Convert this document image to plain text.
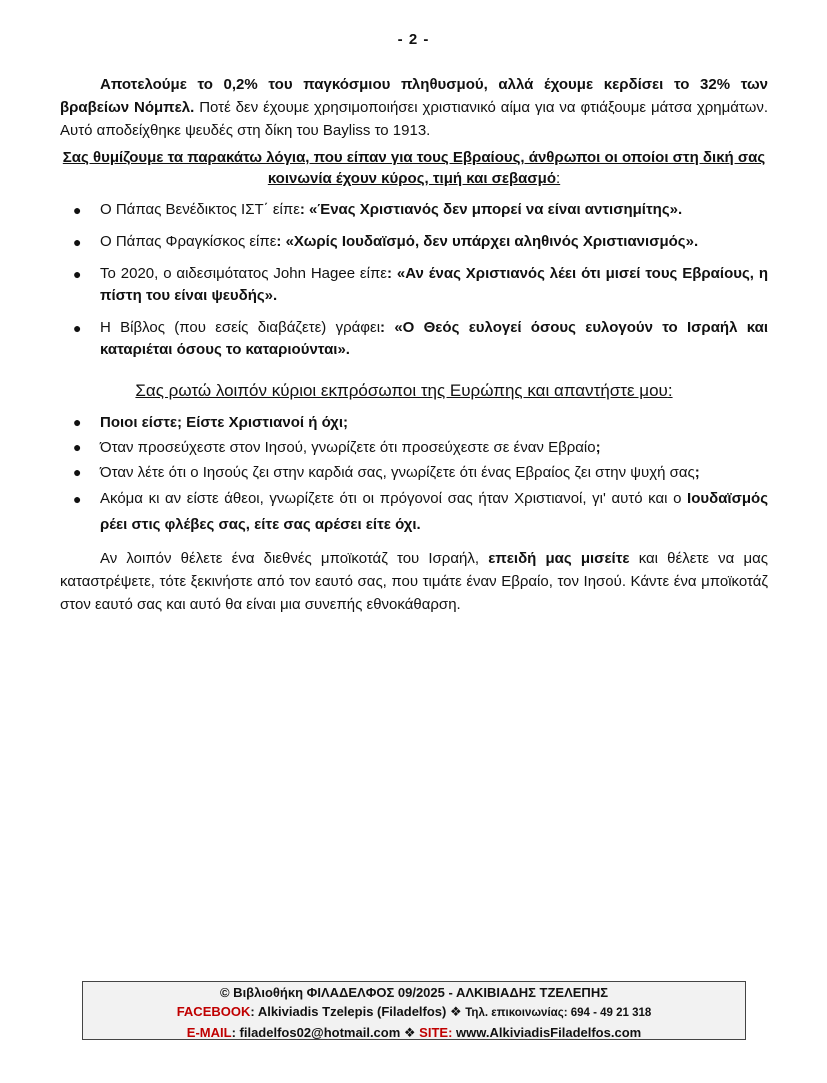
- 2 -

Αποτελούμε το 0,2% του παγκόσμιου πληθυσμού, αλλά έχουμε κερδίσει το 32% των βραβείων Νόμπελ. Ποτέ δεν έχουμε χρησιμοποιήσει χριστιανικό αίμα για να φτιάξουμε μάτσα χρημάτων. Αυτό αποδείχθηκε ψευδές στη δίκη του Bayliss το 1913.

Σας θυμίζουμε τα παρακάτω λόγια, που είπαν για τους Εβραίους, άνθρωποι οι οποίοι στη δική σας κοινωνία έχουν κύρος, τιμή και σεβασμό:

● Ο Πάπας Βενέδικτος ΙΣΤ΄ είπε: «Ένας Χριστιανός δεν μπορεί να είναι αντισημίτης».
● Ο Πάπας Φραγκίσκος είπε: «Χωρίς Ιουδαϊσμό, δεν υπάρχει αληθινός Χριστιανισμός».
● Το 2020, ο αιδεσιμότατος John Hagee είπε: «Αν ένας Χριστιανός λέει ότι μισεί τους Εβραίους, η πίστη του είναι ψευδής».
● Η Βίβλος (που εσείς διαβάζετε) γράφει: «Ο Θεός ευλογεί όσους ευλογούν το Ισραήλ και καταριέται όσους το καταριούνται».

Σας ρωτώ λοιπόν κύριοι εκπρόσωποι της Ευρώπης και απαντήστε μου:

● Ποιοι είστε; Είστε Χριστιανοί ή όχι;
● Όταν προσεύχεστε στον Ιησού, γνωρίζετε ότι προσεύχεστε σε έναν Εβραίο;
● Όταν λέτε ότι ο Ιησούς ζει στην καρδιά σας, γνωρίζετε ότι ένας Εβραίος ζει στην ψυχή σας;
● Ακόμα κι αν είστε άθεοι, γνωρίζετε ότι οι πρόγονοί σας ήταν Χριστιανοί, γι' αυτό και ο Ιουδαϊσμός ρέει στις φλέβες σας, είτε σας αρέσει είτε όχι.

Αν λοιπόν θέλετε ένα διεθνές μποϊκοτάζ του Ισραήλ, επειδή μας μισείτε και θέλετε να μας καταστρέψετε, τότε ξεκινήστε από τον εαυτό σας, που τιμάτε έναν Εβραίο, τον Ιησού. Κάντε ένα μποϊκοτάζ στον εαυτό σας και αυτό θα είναι μια συνεπής εθνοκάθαρση.

© Βιβλιοθήκη ΦΙΛΑΔΕΛΦΟΣ 09/2025 - ΑΛΚΙΒΙΑΔΗΣ ΤΖΕΛΕΠΗΣ
FACEBOOK: Alkiviadis Tzelepis (Filadelfos) ❖ Τηλ. επικοινωνίας: 694 - 49 21 318
E-MAIL: filadelfos02@hotmail.com ❖ SITE: www.AlkiviadisFiladelfos.com
